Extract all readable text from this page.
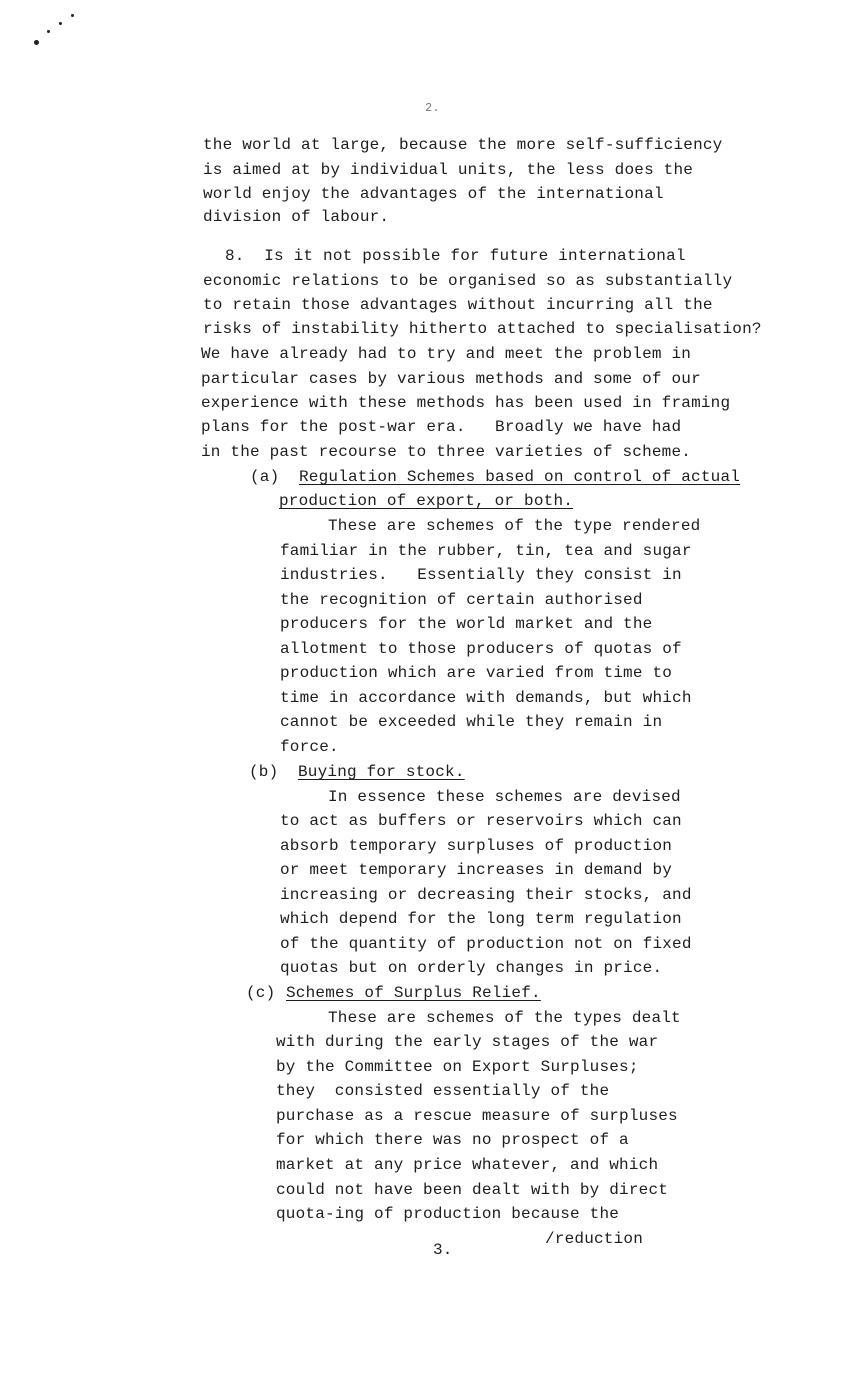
2.
the world at large, because the more self-sufficiency
is aimed at by individual units, the less does the
world enjoy the advantages of the international
division of labour.
8.  Is it not possible for future international
economic relations to be organised so as substantially
to retain those advantages without incurring all the
risks of instability hitherto attached to specialisation?
We have already had to try and meet the problem in
particular cases by various methods and some of our
experience with these methods has been used in framing
plans for the post-war era.   Broadly we have had
in the past recourse to three varieties of scheme.
(a) Regulation Schemes based on control of actual
production of export, or both.
These are schemes of the type rendered
familiar in the rubber, tin, tea and sugar
industries.   Essentially they consist in
the recognition of certain authorised
producers for the world market and the
allotment to those producers of quotas of
production which are varied from time to
time in accordance with demands, but which
cannot be exceeded while they remain in
force.
(b) Buying for stock.
In essence these schemes are devised
to act as buffers or reservoirs which can
absorb temporary surpluses of production
or meet temporary increases in demand by
increasing or decreasing their stocks, and
which depend for the long term regulation
of the quantity of production not on fixed
quotas but on orderly changes in price.
(c) Schemes of Surplus Relief.
These are schemes of the types dealt
with during the early stages of the war
by the Committee on Export Surpluses;
they  consisted essentially of the
purchase as a rescue measure of surpluses
for which there was no prospect of a
market at any price whatever, and which
could not have been dealt with by direct
quota-ing of production because the
3.
/reduction
